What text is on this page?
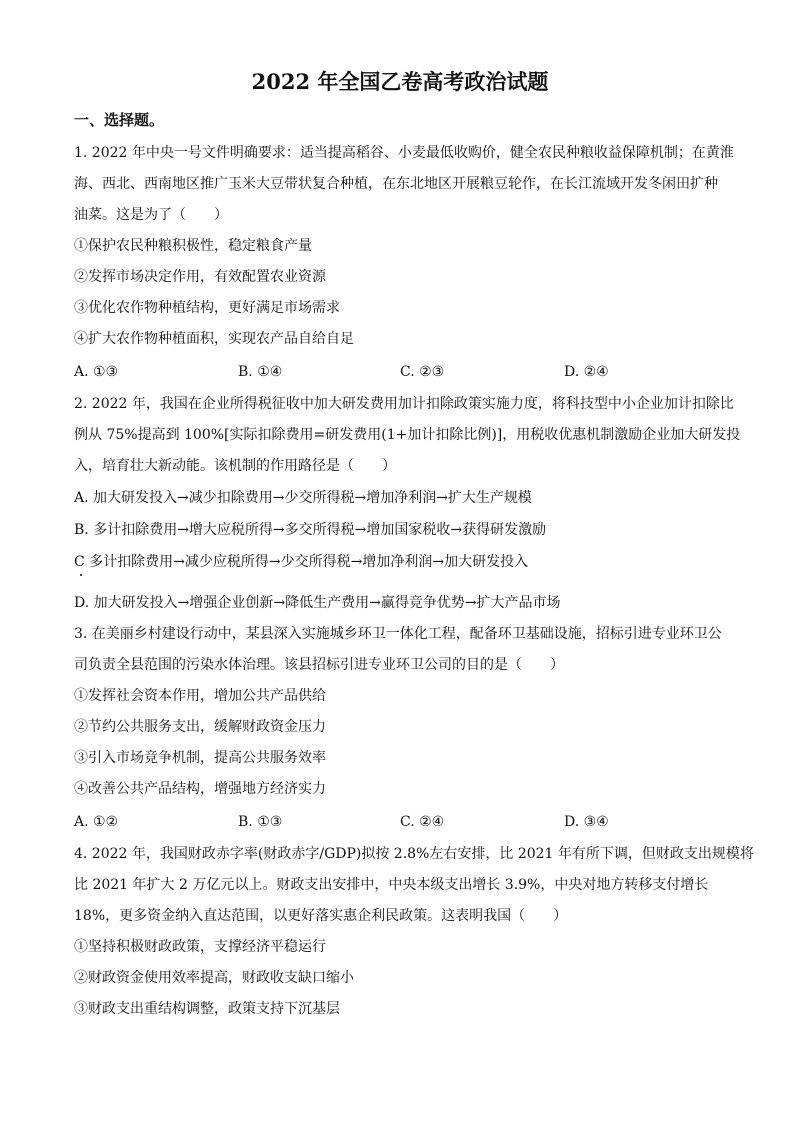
2022 年全国乙卷高考政治试题
一、选择题。
1. 2022 年中央一号文件明确要求：适当提高稻谷、小麦最低收购价，健全农民种粮收益保障机制；在黄淮
海、西北、西南地区推广玉米大豆带状复合种植，在东北地区开展粮豆轮作，在长江流域开发冬闲田扩种
油菜。这是为了（　　）
①保护农民种粮积极性，稳定粮食产量
②发挥市场决定作用，有效配置农业资源
③优化农作物种植结构，更好满足市场需求
④扩大农作物种植面积，实现农产品自给自足
A. ①③	B. ①④	C. ②③	D. ②④
2. 2022 年，我国在企业所得税征收中加大研发费用加计扣除政策实施力度，将科技型中小企业加计扣除比
例从 75%提高到 100%[实际扣除费用=研发费用(1+加计扣除比例)]，用税收优惠机制激励企业加大研发投
入，培育壮大新动能。该机制的作用路径是（　　）
A. 加大研发投入→减少扣除费用→少交所得税→增加净利润→扩大生产规模
B. 多计扣除费用→增大应税所得→多交所得税→增加国家税收→获得研发激励
C 多计扣除费用→减少应税所得→少交所得税→增加净利润→加大研发投入
D. 加大研发投入→增强企业创新→降低生产费用→赢得竞争优势→扩大产品市场
3. 在美丽乡村建设行动中，某县深入实施城乡环卫一体化工程，配备环卫基础设施，招标引进专业环卫公
司负责全县范围的污染水体治理。该县招标引进专业环卫公司的目的是（　　）
①发挥社会资本作用，增加公共产品供给
②节约公共服务支出，缓解财政资金压力
③引入市场竞争机制，提高公共服务效率
④改善公共产品结构，增强地方经济实力
A. ①②	B. ①③	C. ②④	D. ③④
4. 2022 年，我国财政赤字率(财政赤字/GDP)拟按 2.8%左右安排，比 2021 年有所下调，但财政支出规模将
比 2021 年扩大 2 万亿元以上。财政支出安排中，中央本级支出增长 3.9%，中央对地方转移支付增长
18%，更多资金纳入直达范围，以更好落实惠企利民政策。这表明我国（　　）
①坚持积极财政政策，支撑经济平稳运行
②财政资金使用效率提高，财政收支缺口缩小
③财政支出重结构调整，政策支持下沉基层
